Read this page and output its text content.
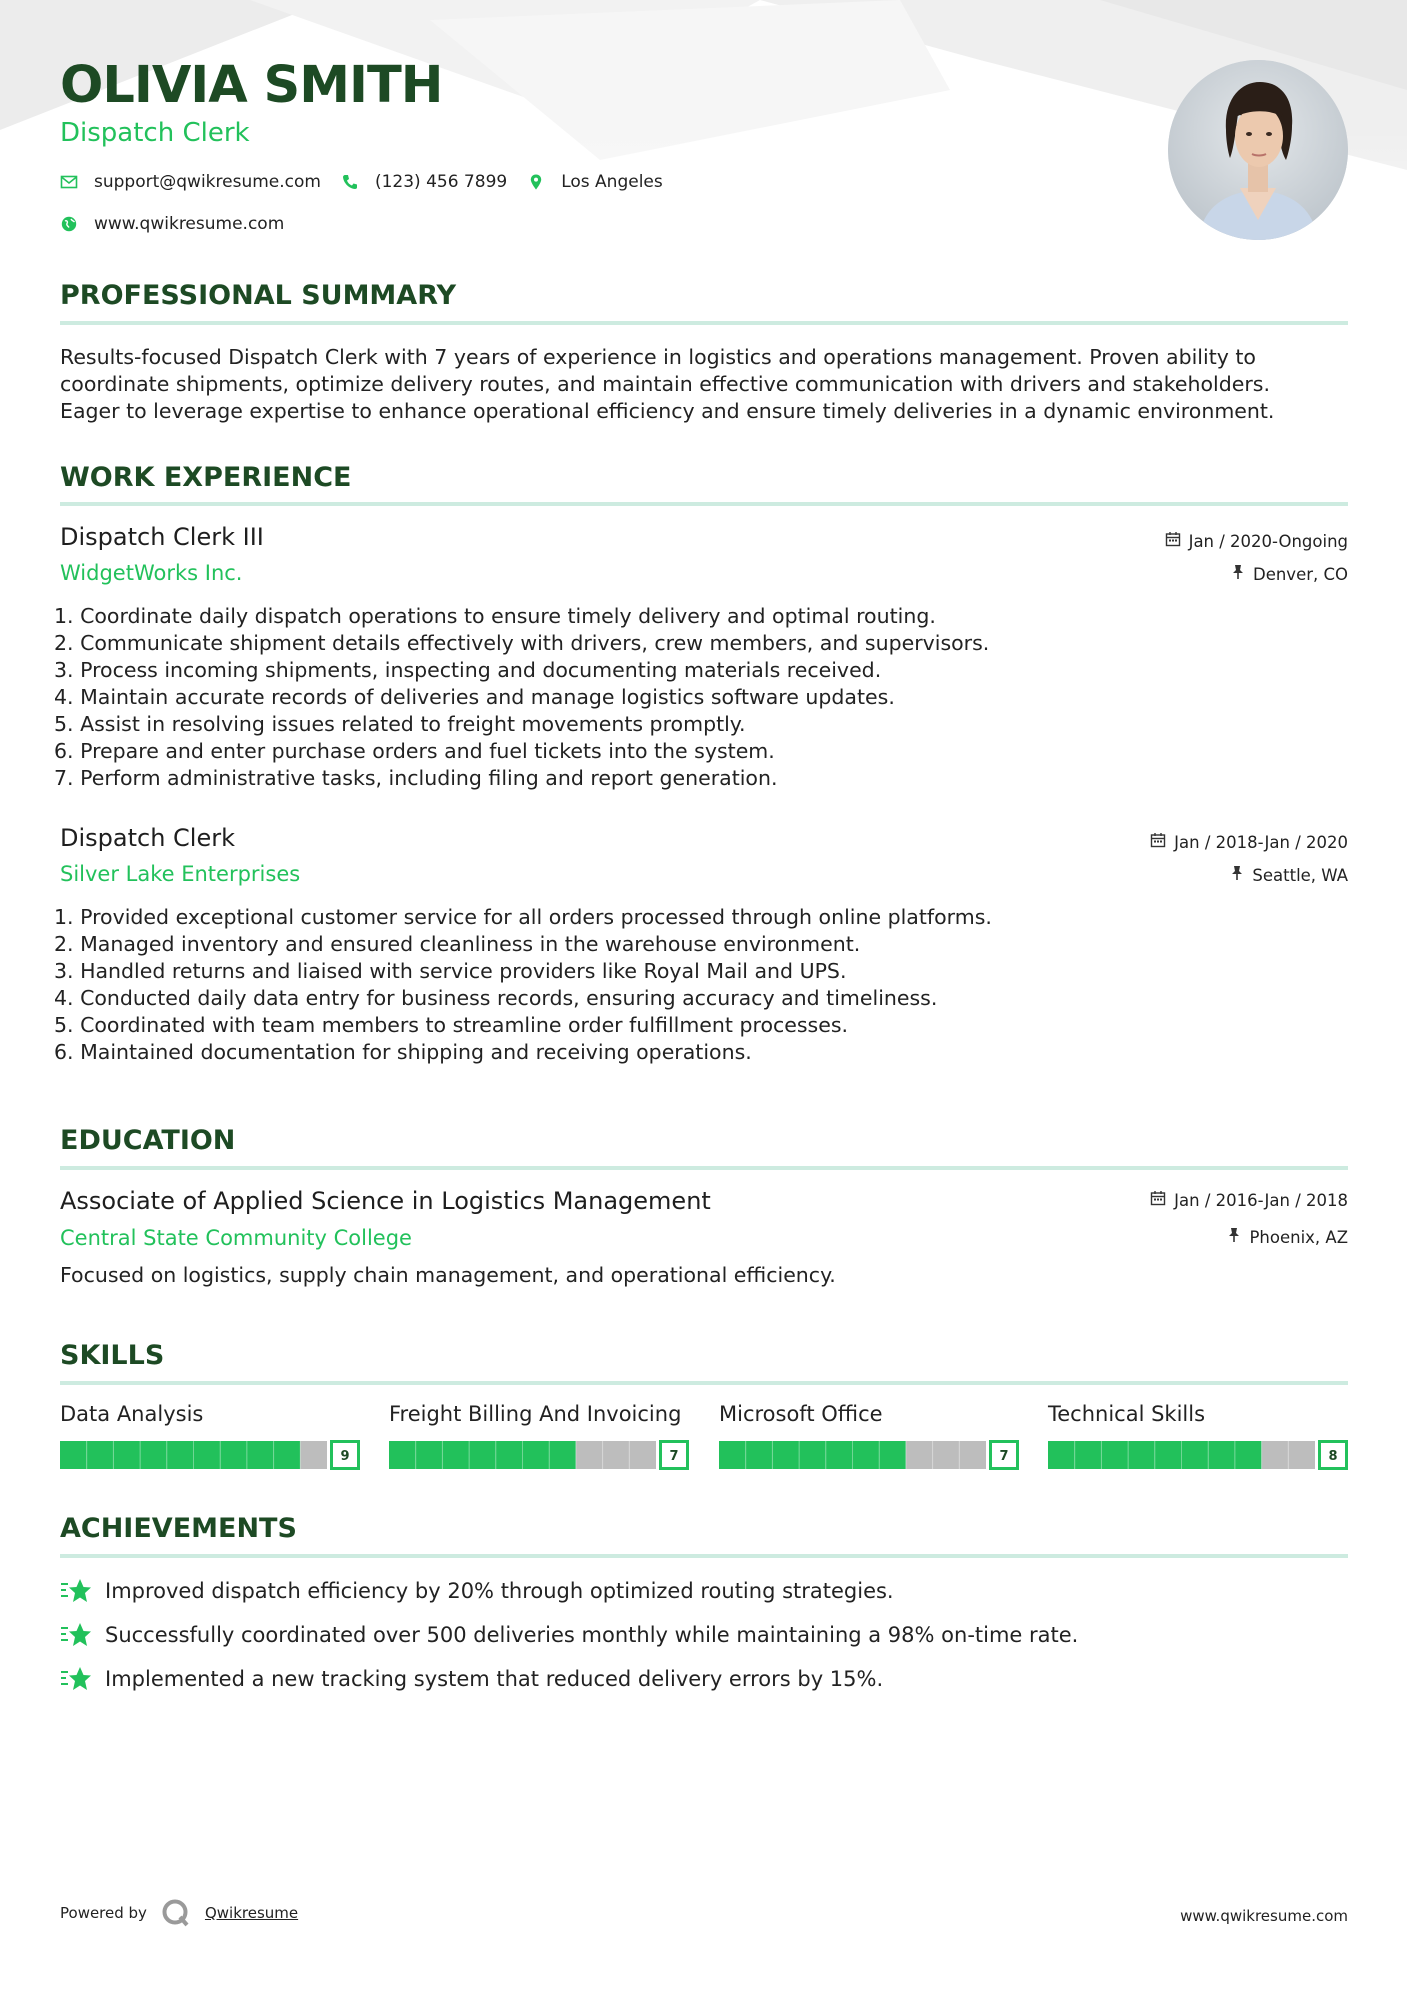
OLIVIA SMITH
Dispatch Clerk
support@qwikresume.com	(123) 456 7899	Los Angeles
www.qwikresume.com
PROFESSIONAL SUMMARY
Results-focused Dispatch Clerk with 7 years of experience in logistics and operations management. Proven ability to
coordinate shipments, optimize delivery routes, and maintain effective communication with drivers and stakeholders.
Eager to leverage expertise to enhance operational efficiency and ensure timely deliveries in a dynamic environment.
WORK EXPERIENCE
Dispatch Clerk III
WidgetWorks Inc.
Jan / 2020-Ongoing
Denver, CO
1. Coordinate daily dispatch operations to ensure timely delivery and optimal routing.
2. Communicate shipment details effectively with drivers, crew members, and supervisors.
3. Process incoming shipments, inspecting and documenting materials received.
4. Maintain accurate records of deliveries and manage logistics software updates.
5. Assist in resolving issues related to freight movements promptly.
6. Prepare and enter purchase orders and fuel tickets into the system.
7. Perform administrative tasks, including filing and report generation.
Dispatch Clerk
Silver Lake Enterprises
Jan / 2018-Jan / 2020
Seattle, WA
1. Provided exceptional customer service for all orders processed through online platforms.
2. Managed inventory and ensured cleanliness in the warehouse environment.
3. Handled returns and liaised with service providers like Royal Mail and UPS.
4. Conducted daily data entry for business records, ensuring accuracy and timeliness.
5. Coordinated with team members to streamline order fulfillment processes.
6. Maintained documentation for shipping and receiving operations.
EDUCATION
Associate of Applied Science in Logistics Management
Central State Community College
Jan / 2016-Jan / 2018
Phoenix, AZ
Focused on logistics, supply chain management, and operational efficiency.
SKILLS
Data Analysis
9
Freight Billing And Invoicing
7
Microsoft Office
7
Technical Skills
8
ACHIEVEMENTS
Improved dispatch efficiency by 20% through optimized routing strategies.
Successfully coordinated over 500 deliveries monthly while maintaining a 98% on-time rate.
Implemented a new tracking system that reduced delivery errors by 15%.
Powered by	Qwikresume	www.qwikresume.com
